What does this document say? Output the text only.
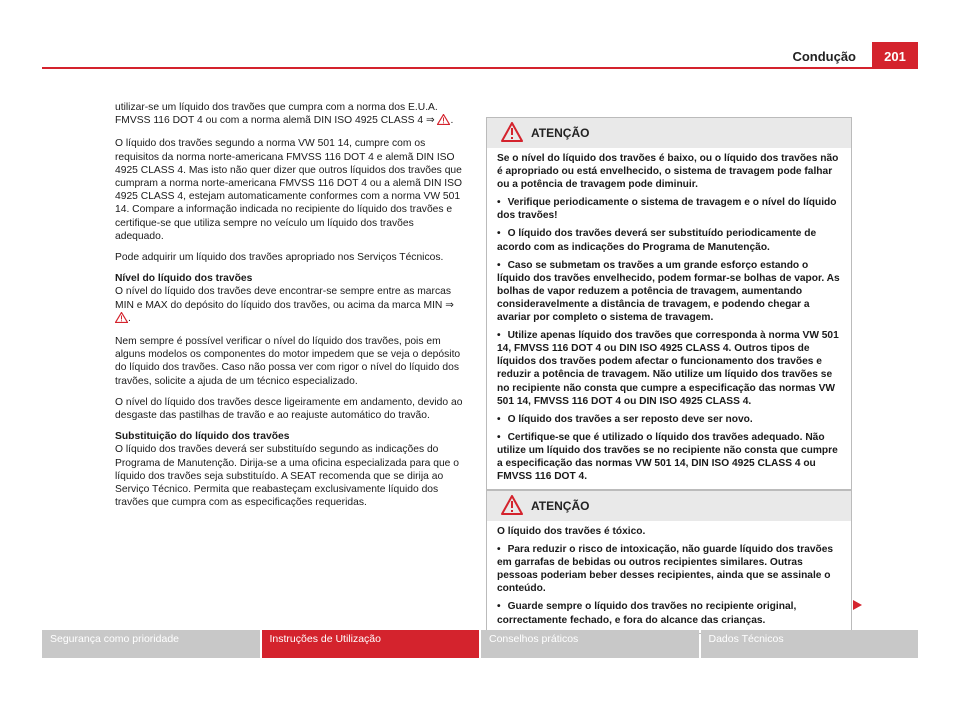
Condução	201

utilizar-se um líquido dos travões que cumpra com a norma dos E.U.A. FMVSS 116 DOT 4 ou com a norma alemã DIN ISO 4925 CLASS 4 ⇒ .

O líquido dos travões segundo a norma VW 501 14, cumpre com os requisitos da norma norte-americana FMVSS 116 DOT 4 e alemã DIN ISO 4925 CLASS 4. Mas isto não quer dizer que outros líquidos dos travões que cumpram a norma norte-americana FMVSS 116 DOT 4 ou a alemã DIN ISO 4925 CLASS 4, estejam automaticamente conformes com a norma VW 501 14. Compare a informação indicada no recipiente do líquido dos travões e certifique-se que utiliza sempre no veículo um líquido dos travões adequado.

Pode adquirir um líquido dos travões apropriado nos Serviços Técnicos.

Nível do líquido dos travões

O nível do líquido dos travões deve encontrar-se sempre entre as marcas MIN e MAX do depósito do líquido dos travões, ou acima da marca MIN ⇒ .

Nem sempre é possível verificar o nível do líquido dos travões, pois em alguns modelos os componentes do motor impedem que se veja o depósito do líquido dos travões. Caso não possa ver com rigor o nível do líquido dos travões, solicite a ajuda de um técnico especializado.

O nível do líquido dos travões desce ligeiramente em andamento, devido ao desgaste das pastilhas de travão e ao reajuste automático do travão.

Substituição do líquido dos travões

O líquido dos travões deverá ser substituído segundo as indicações do Programa de Manutenção. Dirija-se a uma oficina especializada para que o líquido dos travões seja substituído. A SEAT recomenda que se dirija ao Serviço Técnico. Permita que reabasteçam exclusivamente líquido dos travões que cumpra com as especificações requeridas.

ATENÇÃO

Se o nível do líquido dos travões é baixo, ou o líquido dos travões não é apropriado ou está envelhecido, o sistema de travagem pode falhar ou a potência de travagem pode diminuir.

• Verifique periodicamente o sistema de travagem e o nível do líquido dos travões!

• O líquido dos travões deverá ser substituído periodicamente de acordo com as indicações do Programa de Manutenção.

• Caso se submetam os travões a um grande esforço estando o líquido dos travões envelhecido, podem formar-se bolhas de vapor. As bolhas de vapor reduzem a potência de travagem, aumentando consideravelmente a distância de travagem, e podendo chegar a avariar por completo o sistema de travagem.

• Utilize apenas líquido dos travões que corresponda à norma VW 501 14, FMVSS 116 DOT 4 ou DIN ISO 4925 CLASS 4. Outros tipos de líquidos dos travões podem afectar o funcionamento dos travões e reduzir a potência de travagem. Não utilize um líquido dos travões se no recipiente não consta que cumpre a especificação das normas VW 501 14, FMVSS 116 DOT 4 ou DIN ISO 4925 CLASS 4.

• O líquido dos travões a ser reposto deve ser novo.

• Certifique-se que é utilizado o líquido dos travões adequado. Não utilize um líquido dos travões se no recipiente não consta que cumpre a especificação das normas VW 501 14, DIN ISO 4925 CLASS 4 ou FMVSS 116 DOT 4.

ATENÇÃO

O líquido dos travões é tóxico.

• Para reduzir o risco de intoxicação, não guarde líquido dos travões em garrafas de bebidas ou outros recipientes similares. Outras pessoas poderiam beber desses recipientes, ainda que se assinale o conteúdo.

• Guarde sempre o líquido dos travões no recipiente original, correctamente fechado, e fora do alcance das crianças.

Segurança como prioridade	Instruções de Utilização	Conselhos práticos	Dados Técnicos
